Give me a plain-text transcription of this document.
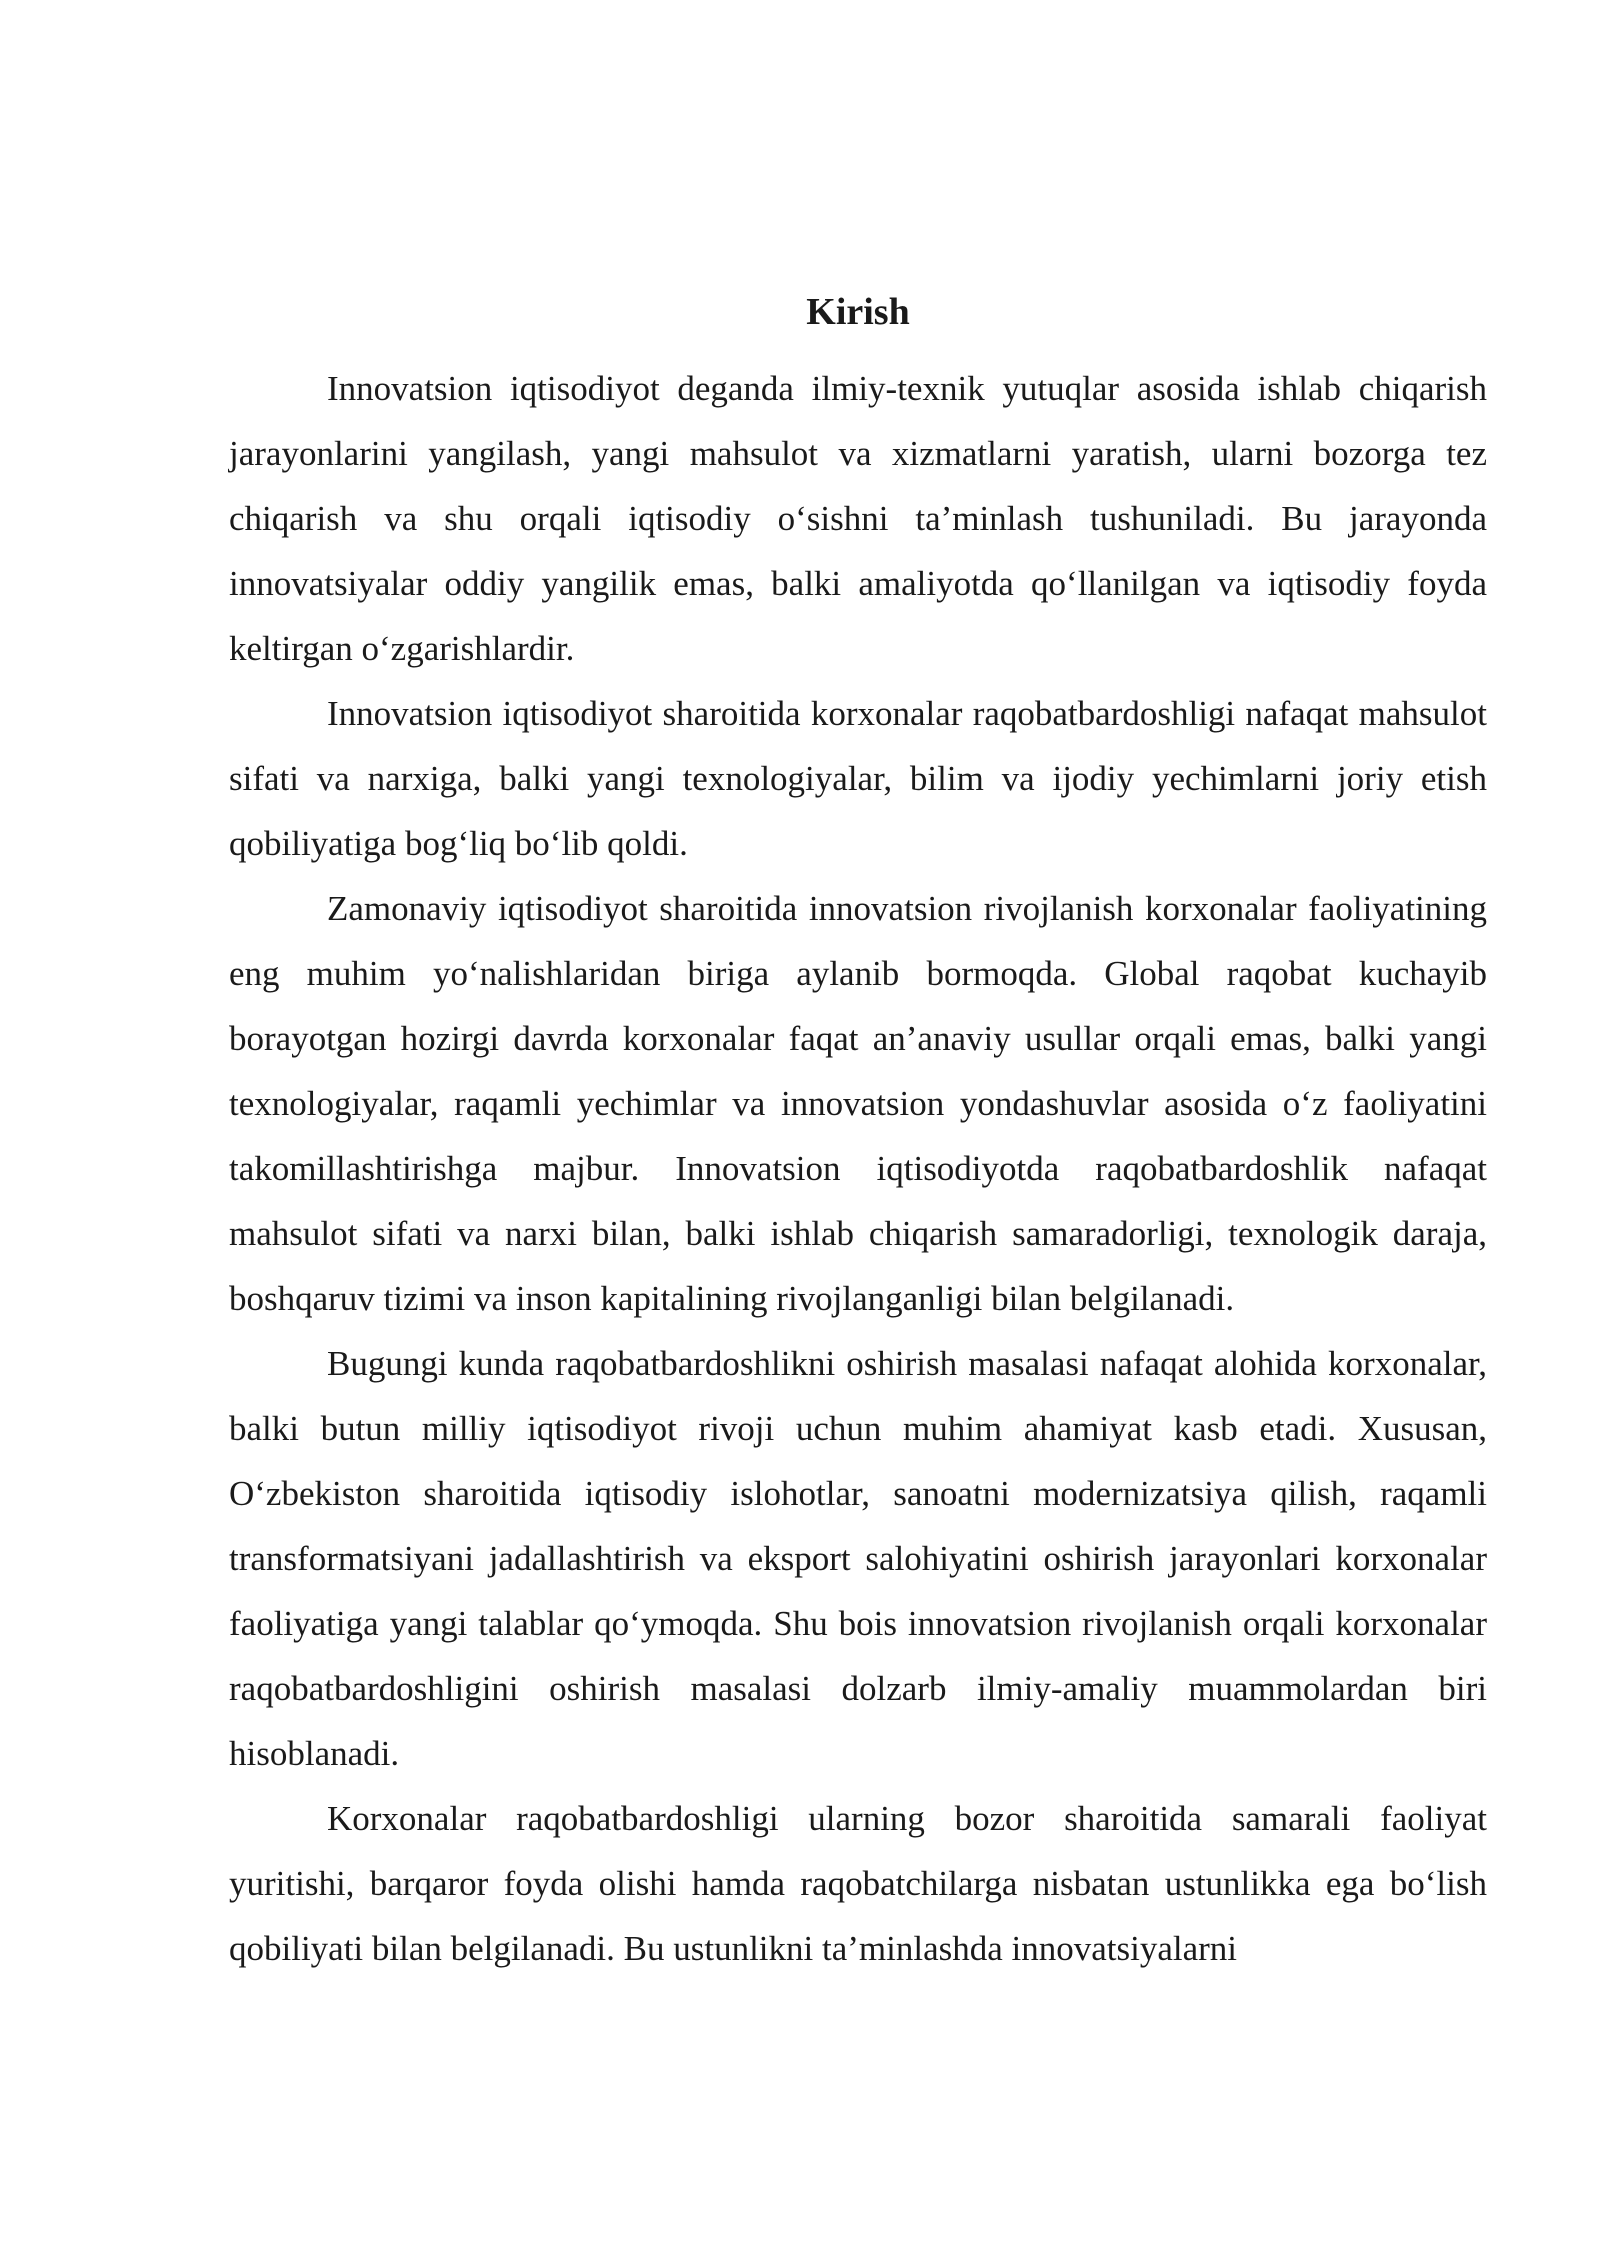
Kirish

Innovatsion iqtisodiyot deganda ilmiy-texnik yutuqlar asosida ishlab chiqarish jarayonlarini yangilash, yangi mahsulot va xizmatlarni yaratish, ularni bozorga tez chiqarish va shu orqali iqtisodiy o‘sishni ta’minlash tushuniladi. Bu jarayonda innovatsiyalar oddiy yangilik emas, balki amaliyotda qo‘llanilgan va iqtisodiy foyda keltirgan o‘zgarishlardir.

Innovatsion iqtisodiyot sharoitida korxonalar raqobatbardoshligi nafaqat mahsulot sifati va narxiga, balki yangi texnologiyalar, bilim va ijodiy yechimlarni joriy etish qobiliyatiga bog‘liq bo‘lib qoldi.

Zamonaviy iqtisodiyot sharoitida innovatsion rivojlanish korxonalar faoliyatining eng muhim yo‘nalishlaridan biriga aylanib bormoqda. Global raqobat kuchayib borayotgan hozirgi davrda korxonalar faqat an’anaviy usullar orqali emas, balki yangi texnologiyalar, raqamli yechimlar va innovatsion yondashuvlar asosida o‘z faoliyatini takomillashtirishga majbur. Innovatsion iqtisodiyotda raqobatbardoshlik nafaqat mahsulot sifati va narxi bilan, balki ishlab chiqarish samaradorligi, texnologik daraja, boshqaruv tizimi va inson kapitalining rivojlanganligi bilan belgilanadi.

Bugungi kunda raqobatbardoshlikni oshirish masalasi nafaqat alohida korxonalar, balki butun milliy iqtisodiyot rivoji uchun muhim ahamiyat kasb etadi. Xususan, O‘zbekiston sharoitida iqtisodiy islohotlar, sanoatni modernizatsiya qilish, raqamli transformatsiyani jadallashtirish va eksport salohiyatini oshirish jarayonlari korxonalar faoliyatiga yangi talablar qo‘ymoqda. Shu bois innovatsion rivojlanish orqali korxonalar raqobatbardoshligini oshirish masalasi dolzarb ilmiy-amaliy muammolardan biri hisoblanadi.

Korxonalar raqobatbardoshligi ularning bozor sharoitida samarali faoliyat yuritishi, barqaror foyda olishi hamda raqobatchilarga nisbatan ustunlikka ega bo‘lish qobiliyati bilan belgilanadi. Bu ustunlikni ta’minlashda innovatsiyalarni
